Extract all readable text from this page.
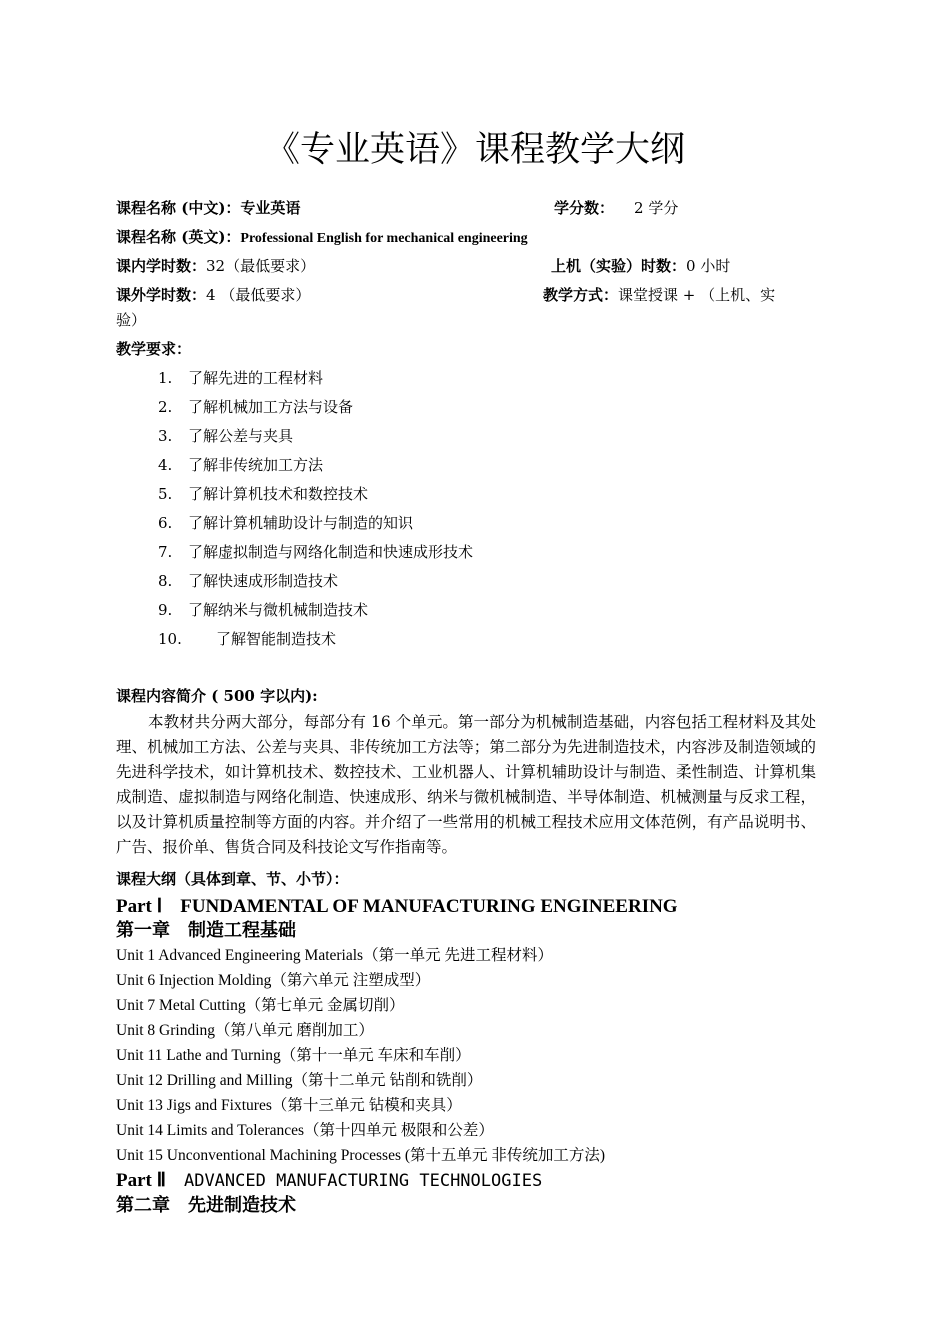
《专业英语》课程教学大纲
课程名称 (中文)：专业英语	学分数： 2 学分
课程名称 (英文)：Professional English for mechanical engineering
课内学时数：32（最低要求）	上机（实验）时数：0 小时
课外学时数：4 （最低要求）	教学方式：课堂授课 + （上机、实
验）
教学要求：
1. 了解先进的工程材料
2. 了解机械加工方法与设备
3. 了解公差与夹具
4. 了解非传统加工方法
5. 了解计算机技术和数控技术
6. 了解计算机辅助设计与制造的知识
7. 了解虚拟制造与网络化制造和快速成形技术
8. 了解快速成形制造技术
9. 了解纳米与微机械制造技术
10. 了解智能制造技术
课程内容简介 ( 500 字以内):
本教材共分两大部分，每部分有 16 个单元。第一部分为机械制造基础，内容包括工程材料及其处理、机械加工方法、公差与夹具、非传统加工方法等；第二部分为先进制造技术，内容涉及制造领域的先进科学技术，如计算机技术、数控技术、工业机器人、计算机辅助设计与制造、柔性制造、计算机集成制造、虚拟制造与网络化制造、快速成形、纳米与微机械制造、半导体制造、机械测量与反求工程，以及计算机质量控制等方面的内容。并介绍了一些常用的机械工程技术应用文体范例，有产品说明书、广告、报价单、售货合同及科技论文写作指南等。
课程大纲（具体到章、节、小节）：
Part Ⅰ FUNDAMENTAL OF MANUFACTURING ENGINEERING
第一章　制造工程基础
Unit 1 Advanced Engineering Materials（第一单元 先进工程材料）
Unit 6 Injection Molding（第六单元 注塑成型）
Unit 7 Metal Cutting（第七单元 金属切削）
Unit 8 Grinding（第八单元 磨削加工）
Unit 11 Lathe and Turning（第十一单元 车床和车削）
Unit 12 Drilling and Milling（第十二单元 钻削和铣削）
Unit 13 Jigs and Fixtures（第十三单元 钻模和夹具）
Unit 14 Limits and Tolerances（第十四单元 极限和公差）
Unit 15 Unconventional Machining Processes (第十五单元 非传统加工方法)
Part Ⅱ ADVANCED MANUFACTURING TECHNOLOGIES
第二章　先进制造技术
